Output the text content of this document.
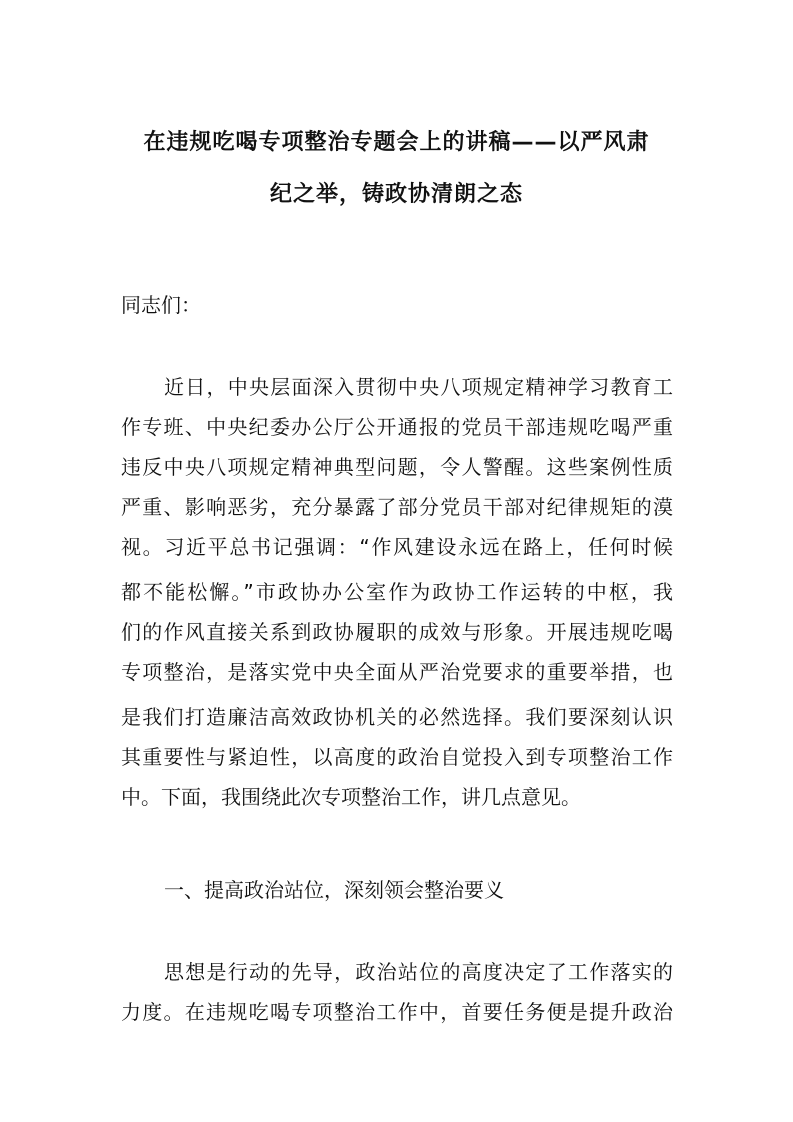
在违规吃喝专项整治专题会上的讲稿——以严风肃
纪之举，铸政协清朗之态

同志们：

近日，中央层面深入贯彻中央八项规定精神学习教育工

作专班、中央纪委办公厅公开通报的党员干部违规吃喝严重

违反中央八项规定精神典型问题，令人警醒。这些案例性质

严重、影响恶劣，充分暴露了部分党员干部对纪律规矩的漠

视。习近平总书记强调：“作风建设永远在路上，任何时候

都不能松懈。”市政协办公室作为政协工作运转的中枢，我

们的作风直接关系到政协履职的成效与形象。开展违规吃喝

专项整治，是落实党中央全面从严治党要求的重要举措，也

是我们打造廉洁高效政协机关的必然选择。我们要深刻认识

其重要性与紧迫性，以高度的政治自觉投入到专项整治工作

中。下面，我围绕此次专项整治工作，讲几点意见。

一、提高政治站位，深刻领会整治要义

思想是行动的先导，政治站位的高度决定了工作落实的

力度。在违规吃喝专项整治工作中，首要任务便是提升政治
